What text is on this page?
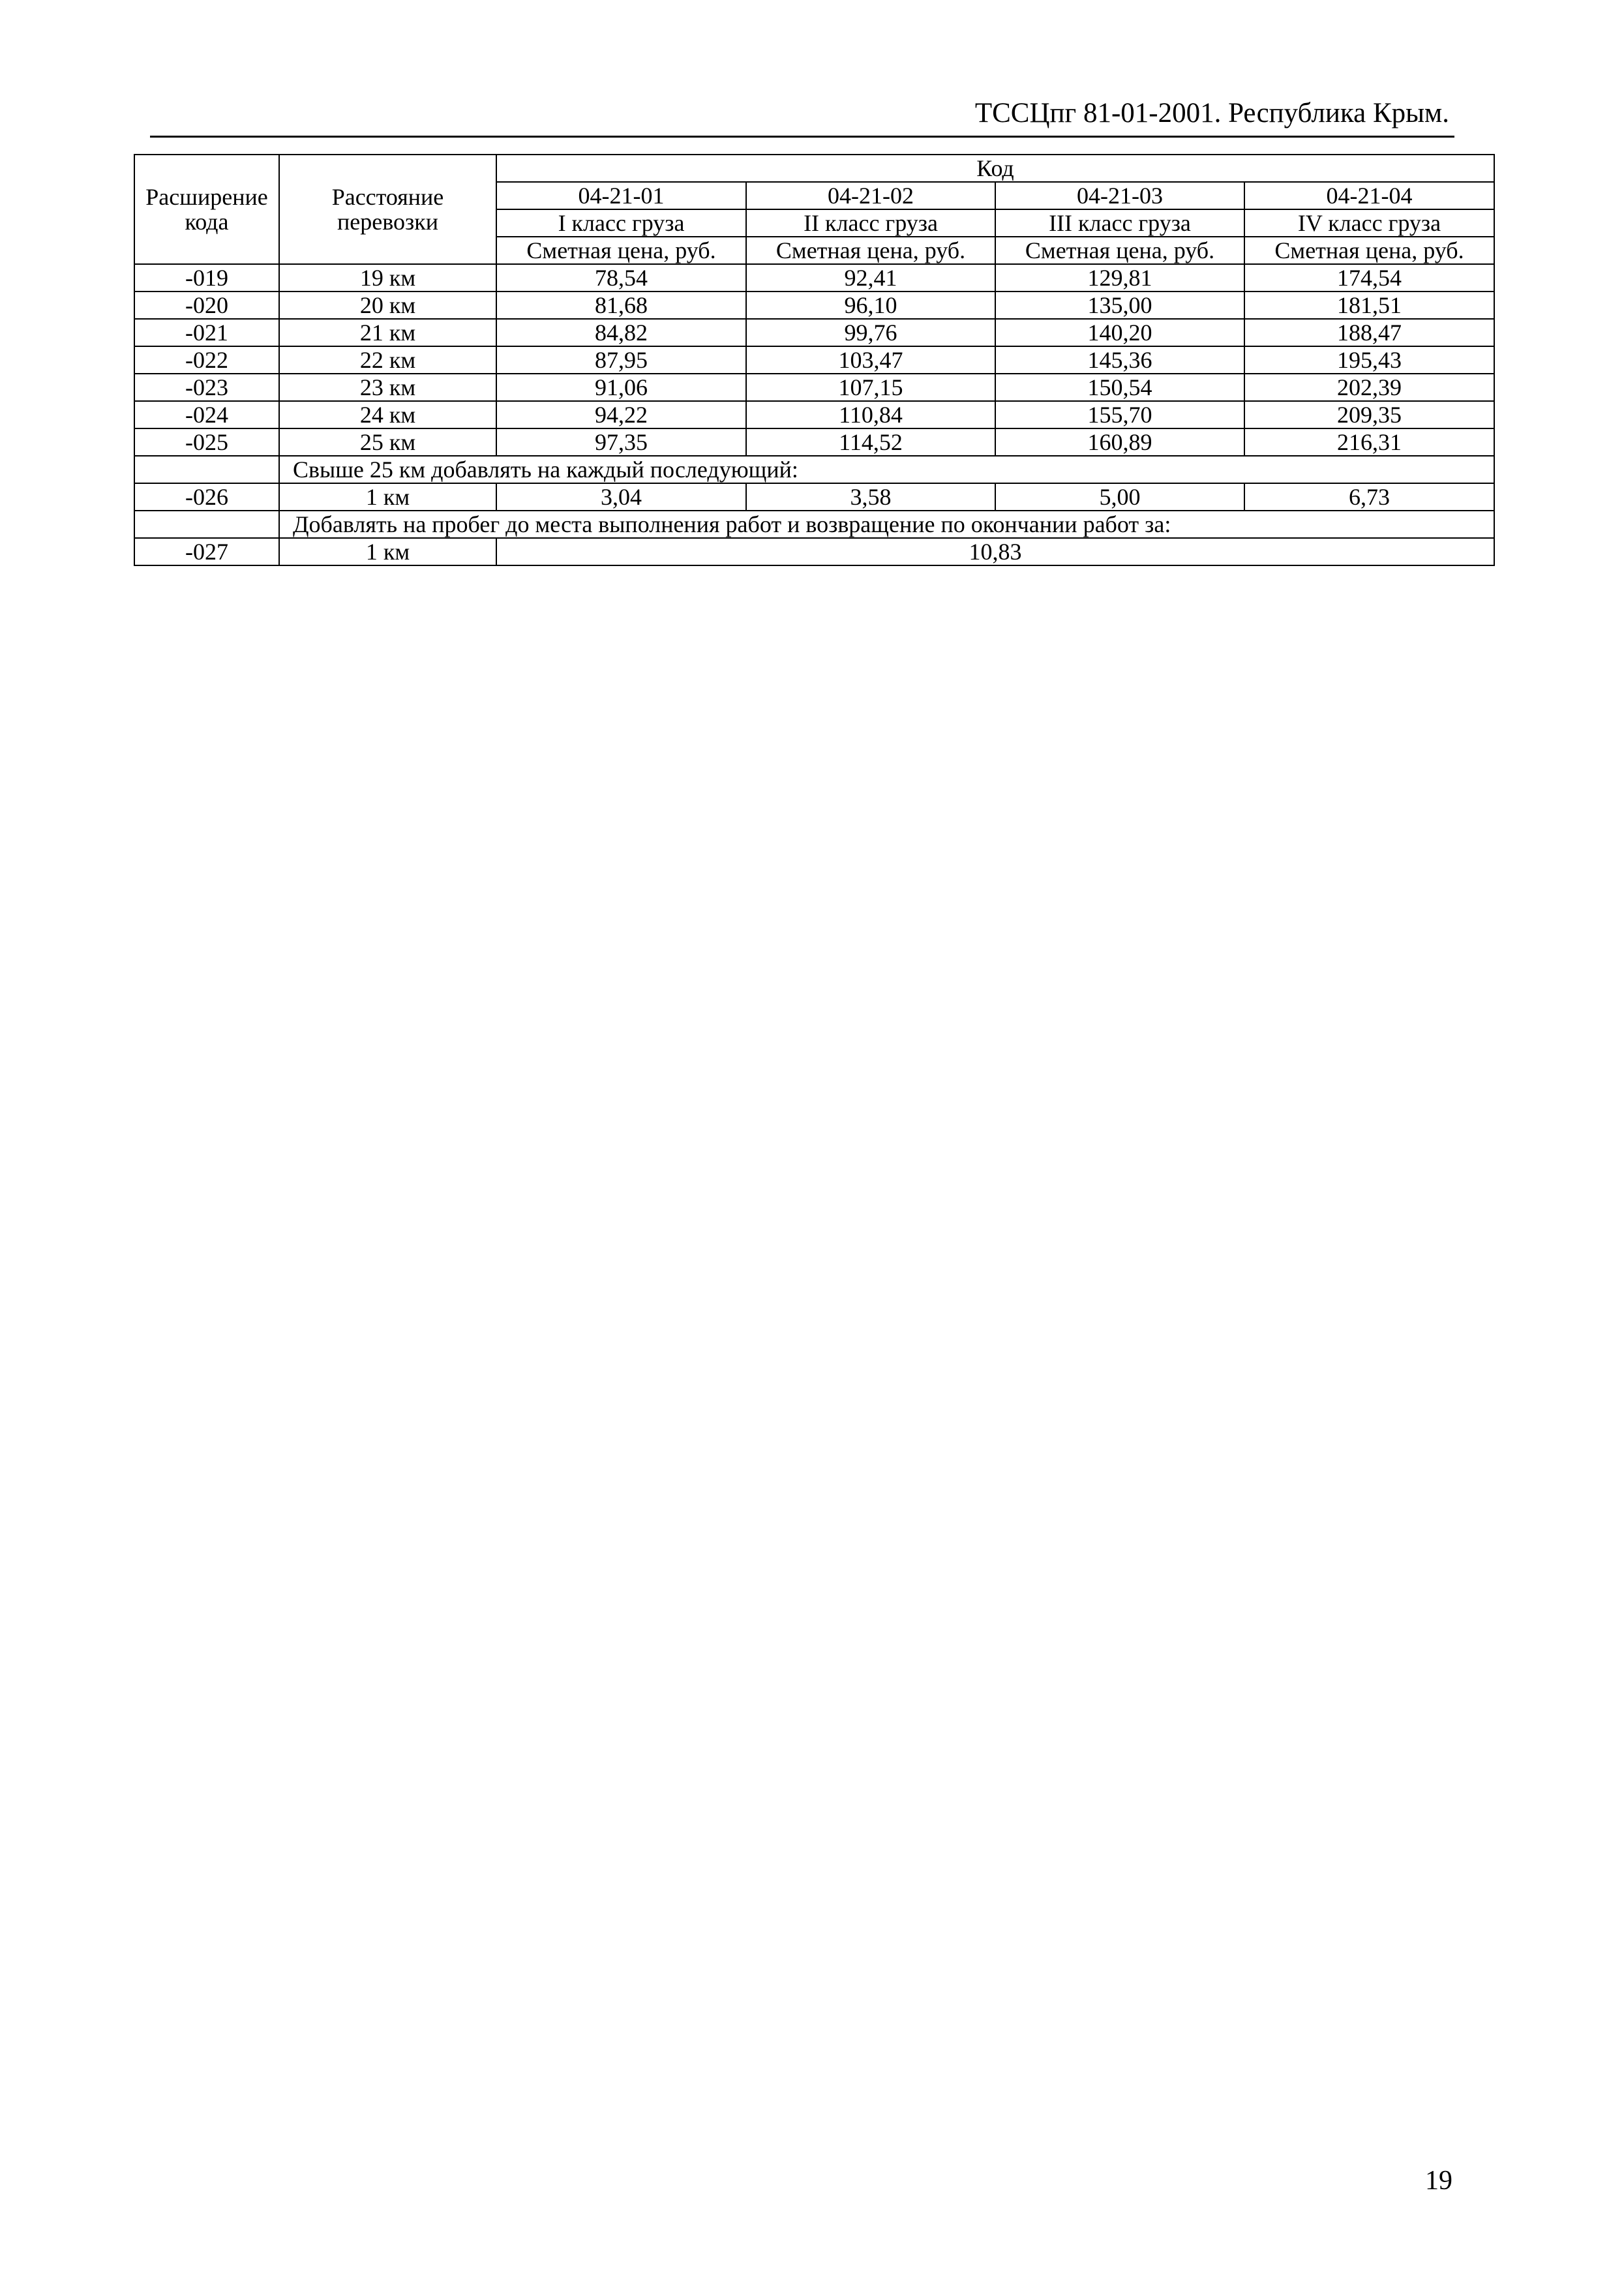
ТССЦпг 81-01-2001. Республика Крым.
Расширение кода	Расстояние перевозки	Код			
		04-21-01	04-21-02	04-21-03	04-21-04
		I класс груза	II класс груза	III класс груза	IV класс груза
		Сметная цена, руб.	Сметная цена, руб.	Сметная цена, руб.	Сметная цена, руб.
-019	19 км	78,54	92,41	129,81	174,54
-020	20 км	81,68	96,10	135,00	181,51
-021	21 км	84,82	99,76	140,20	188,47
-022	22 км	87,95	103,47	145,36	195,43
-023	23 км	91,06	107,15	150,54	202,39
-024	24 км	94,22	110,84	155,70	209,35
-025	25 км	97,35	114,52	160,89	216,31
	Свыше 25 км добавлять на каждый последующий:				
-026	1 км	3,04	3,58	5,00	6,73
	Добавлять на пробег до места выполнения работ и возвращение по окончании работ за:				
-027	1 км	10,83			
19
